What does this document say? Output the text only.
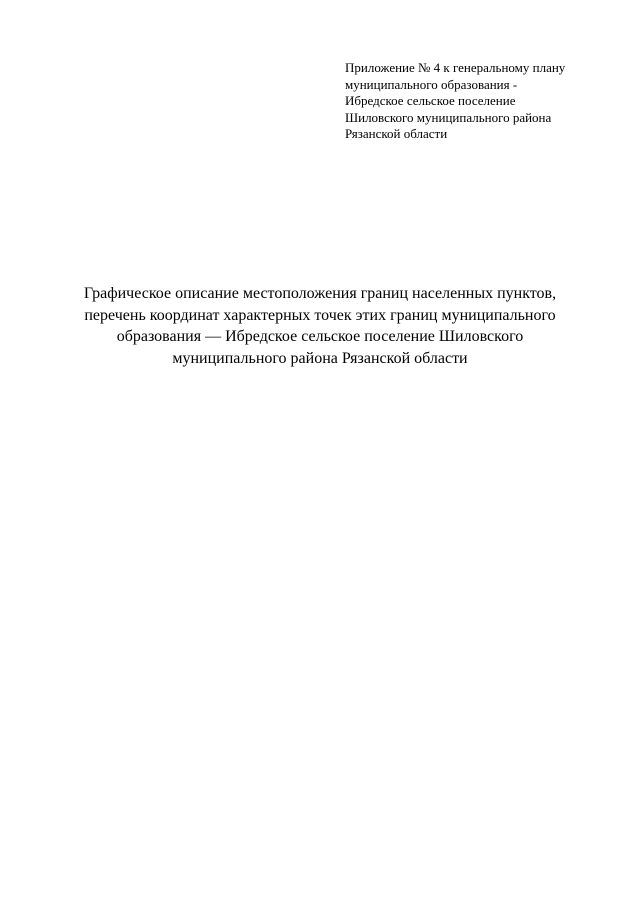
Приложение № 4 к генеральному плану
муниципального образования -
Ибредское сельское поселение
Шиловского муниципального района
Рязанской области
Графическое описание местоположения границ населенных пунктов,
перечень координат характерных точек этих границ муниципального
образования — Ибредское сельское поселение Шиловского
муниципального района Рязанской области
